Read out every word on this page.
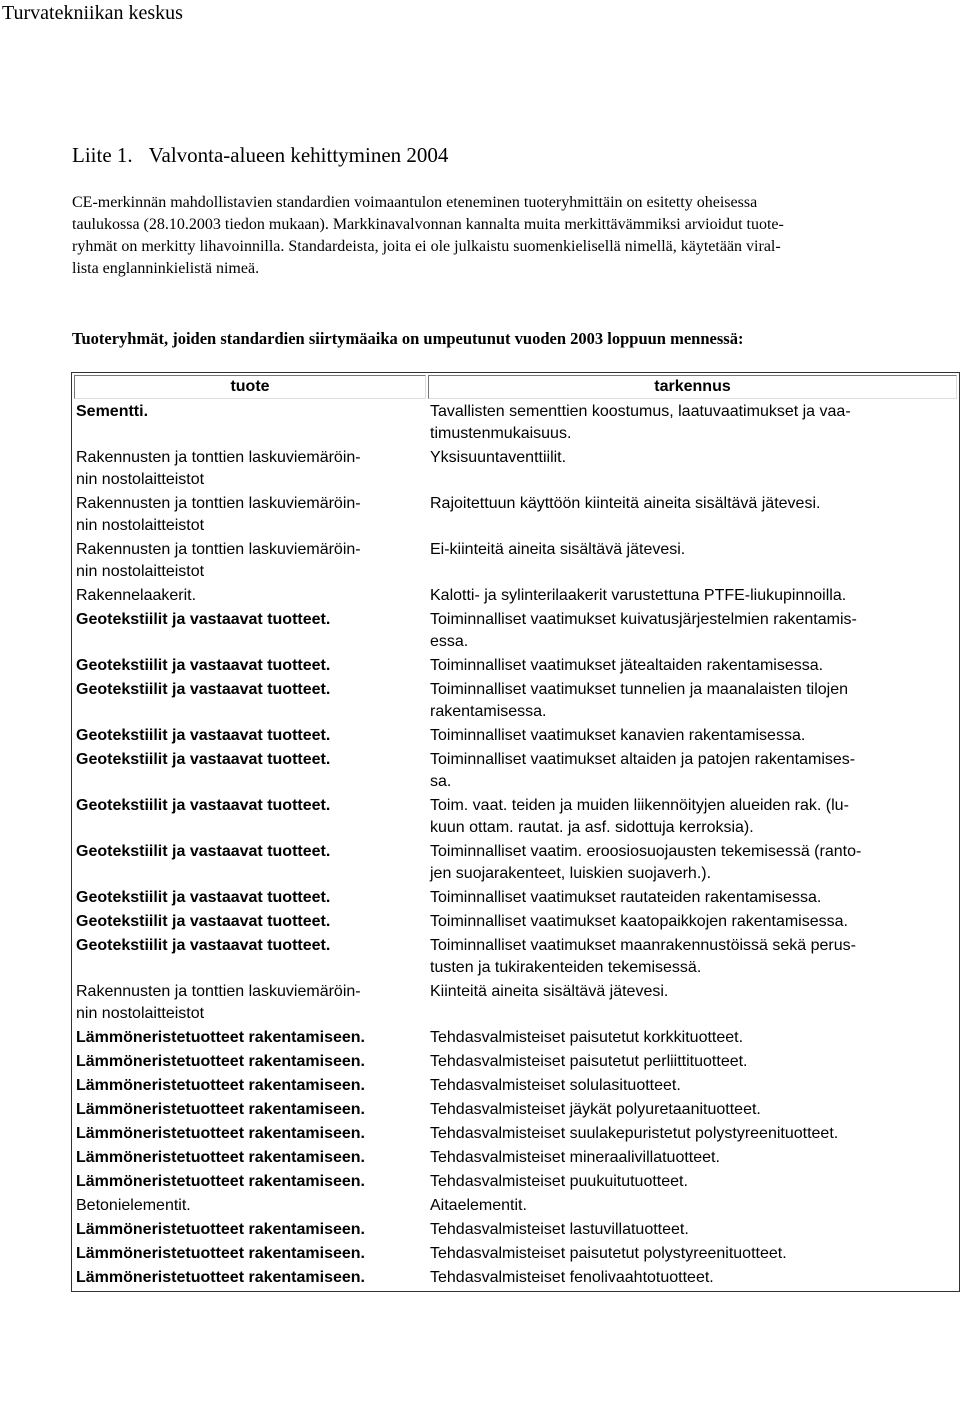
Turvatekniikan keskus
Liite 1. Valvonta-alueen kehittyminen 2004

CE-merkinnän mahdollistavien standardien voimaantulon eteneminen tuoteryhmittäin on esitetty oheisessa
taulukossa (28.10.2003 tiedon mukaan). Markkinavalvonnan kannalta muita merkittävämmiksi arvioidut tuote-
ryhmät on merkitty lihavoinnilla. Standardeista, joita ei ole julkaistu suomenkielisellä nimellä, käytetään viral-
lista englanninkielistä nimeä.

Tuoteryhmät, joiden standardien siirtymäaika on umpeutunut vuoden 2003 loppuun mennessä:
tuote	tarkennus

Sementti.	Tavallisten sementtien koostumus, laatuvaatimukset ja vaa-
timustenmukaisuus.

Rakennusten ja tonttien laskuviemäröin-
nin nostolaitteistot	Yksisuuntaventtiilit.

Rakennusten ja tonttien laskuviemäröin-
nin nostolaitteistot	Rajoitettuun käyttöön kiinteitä aineita sisältävä jätevesi.

Rakennusten ja tonttien laskuviemäröin-
nin nostolaitteistot	Ei-kiinteitä aineita sisältävä jätevesi.

Rakennelaakerit.	Kalotti- ja sylinterilaakerit varustettuna PTFE-liukupinnoilla.

Geotekstiilit ja vastaavat tuotteet.	Toiminnalliset vaatimukset kuivatusjärjestelmien rakentamis-
essa.

Geotekstiilit ja vastaavat tuotteet.	Toiminnalliset vaatimukset jätealtaiden rakentamisessa.

Geotekstiilit ja vastaavat tuotteet.	Toiminnalliset vaatimukset tunnelien ja maanalaisten tilojen
rakentamisessa.

Geotekstiilit ja vastaavat tuotteet.	Toiminnalliset vaatimukset kanavien rakentamisessa.

Geotekstiilit ja vastaavat tuotteet.	Toiminnalliset vaatimukset altaiden ja patojen rakentamises-
sa.

Geotekstiilit ja vastaavat tuotteet.	Toim. vaat. teiden ja muiden liikennöityjen alueiden rak. (lu-
kuun ottam. rautat. ja asf. sidottuja kerroksia).

Geotekstiilit ja vastaavat tuotteet.	Toiminnalliset vaatim. eroosiosuojausten tekemisessä (ranto-
jen suojarakenteet, luiskien suojaverh.).

Geotekstiilit ja vastaavat tuotteet.	Toiminnalliset vaatimukset rautateiden rakentamisessa.

Geotekstiilit ja vastaavat tuotteet.	Toiminnalliset vaatimukset kaatopaikkojen rakentamisessa.

Geotekstiilit ja vastaavat tuotteet.	Toiminnalliset vaatimukset maanrakennustöissä sekä perus-
tusten ja tukirakenteiden tekemisessä.

Rakennusten ja tonttien laskuviemäröin-
nin nostolaitteistot	Kiinteitä aineita sisältävä jätevesi.

Lämmöneristetuotteet rakentamiseen.	Tehdasvalmisteiset paisutetut korkkituotteet.

Lämmöneristetuotteet rakentamiseen.	Tehdasvalmisteiset paisutetut perliittituotteet.

Lämmöneristetuotteet rakentamiseen.	Tehdasvalmisteiset solulasituotteet.

Lämmöneristetuotteet rakentamiseen.	Tehdasvalmisteiset jäykät polyuretaanituotteet.

Lämmöneristetuotteet rakentamiseen.	Tehdasvalmisteiset suulakepuristetut polystyreenituotteet.

Lämmöneristetuotteet rakentamiseen.	Tehdasvalmisteiset mineraalivillatuotteet.

Lämmöneristetuotteet rakentamiseen.	Tehdasvalmisteiset puukuitutuotteet.

Betonielementit.	Aitaelementit.

Lämmöneristetuotteet rakentamiseen.	Tehdasvalmisteiset lastuvillatuotteet.

Lämmöneristetuotteet rakentamiseen.	Tehdasvalmisteiset paisutetut polystyreenituotteet.

Lämmöneristetuotteet rakentamiseen.	Tehdasvalmisteiset fenolivaahtotuotteet.
